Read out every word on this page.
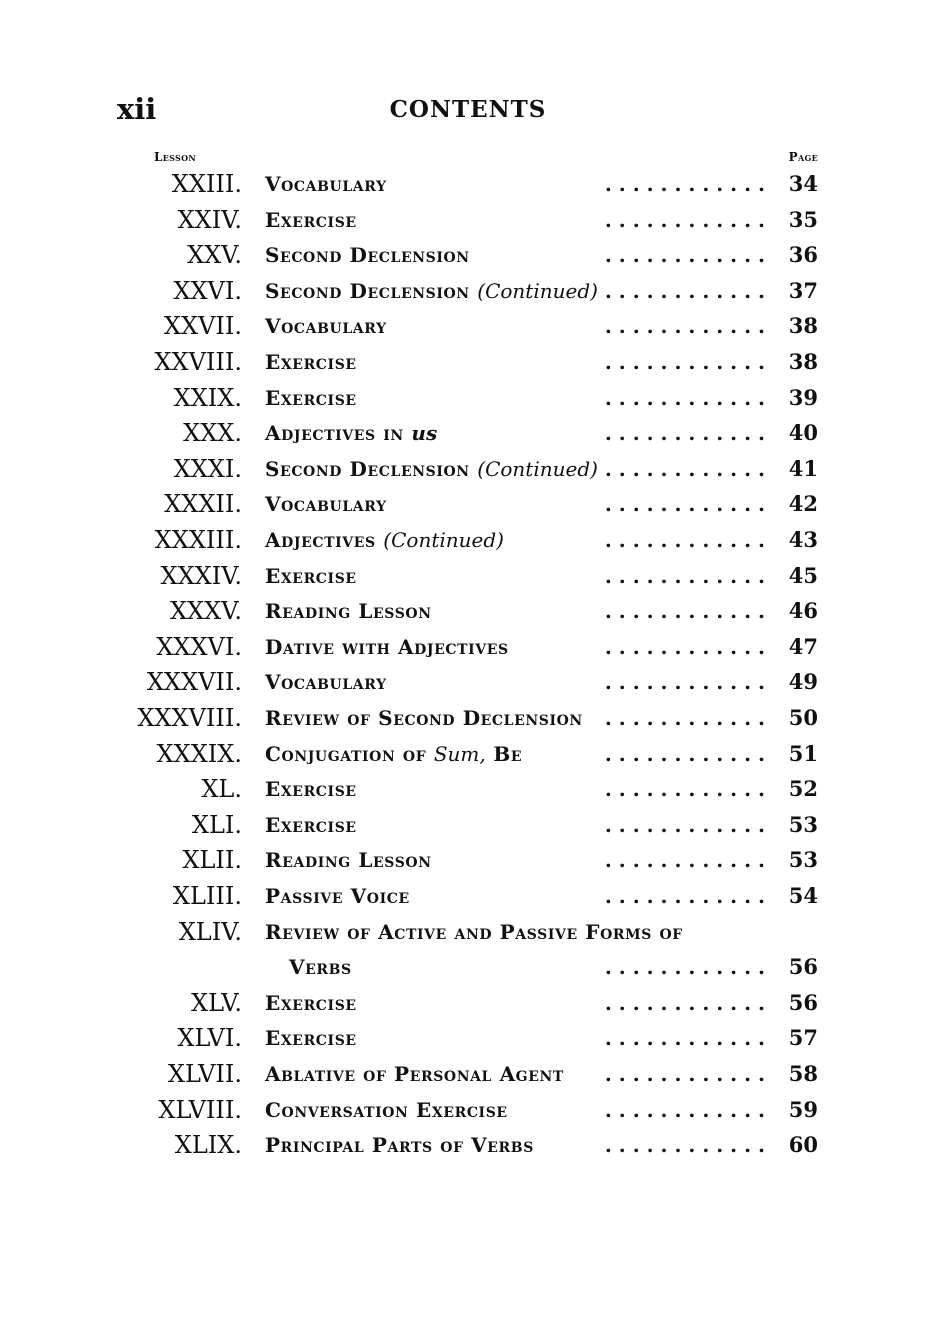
xii	CONTENTS
Lesson	Page
XXIII. Vocabulary	. . . . . . . . . . . . 34
XXIV. Exercise	. . . . . . . . . . . . 35
XXV. Second Declension	. . . . . . . . . . . . 36
XXVI. Second Declension (Continued) . . . . . . . . . . . . 37
XXVII. Vocabulary	. . . . . . . . . . . . 38
XXVIII. Exercise	. . . . . . . . . . . . 38
XXIX. Exercise	. . . . . . . . . . . . 39
XXX. Adjectives in us	. . . . . . . . . . . . 40
XXXI. Second Declension (Continued) . . . . . . . . . . . . 41
XXXII. Vocabulary	. . . . . . . . . . . . 42
XXXIII. Adjectives (Continued)	. . . . . . . . . . . . 43
XXXIV. Exercise	. . . . . . . . . . . . 45
XXXV. Reading Lesson	. . . . . . . . . . . . 46
XXXVI. Dative with Adjectives	. . . . . . . . . . . . 47
XXXVII. Vocabulary	. . . . . . . . . . . . 49
XXXVIII. Review of Second Declension	. . . . . . . . . . . . 50
XXXIX. Conjugation of Sum, Be	. . . . . . . . . . . . 51
XL. Exercise	. . . . . . . . . . . . 52
XLI. Exercise	. . . . . . . . . . . . 53
XLII. Reading Lesson	. . . . . . . . . . . . 53
XLIII. Passive Voice	. . . . . . . . . . . . 54
XLIV. Review of Active and Passive Forms of
Verbs	. . . . . . . . . . . . 56
XLV. Exercise	. . . . . . . . . . . . 56
XLVI. Exercise	. . . . . . . . . . . . 57
XLVII. Ablative of Personal Agent	. . . . . . . . . . . . 58
XLVIII. Conversation Exercise	. . . . . . . . . . . . 59
XLIX. Principal Parts of Verbs	. . . . . . . . . . . . 60
